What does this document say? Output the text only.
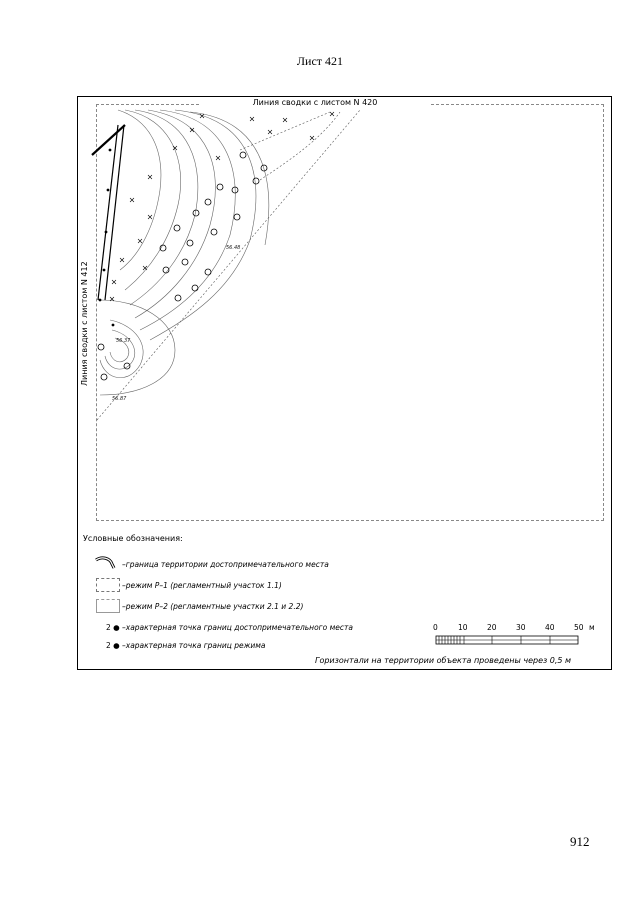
Лист 421
56.48
56.87
56.37
Линия сводки с листом N 420
Линия сводки с листом N 412
Условные обозначения:
–граница территории достопримечательного места
–режим Р–1 (регламентный участок 1.1)
–режим Р–2 (регламентные участки 2.1 и 2.2)
2 ● –характерная точка границ достопримечательного места
2 ● –характерная точка границ режима
0	10	20	30	40	50 м
Горизонтали на территории объекта проведены через 0,5 м
912
